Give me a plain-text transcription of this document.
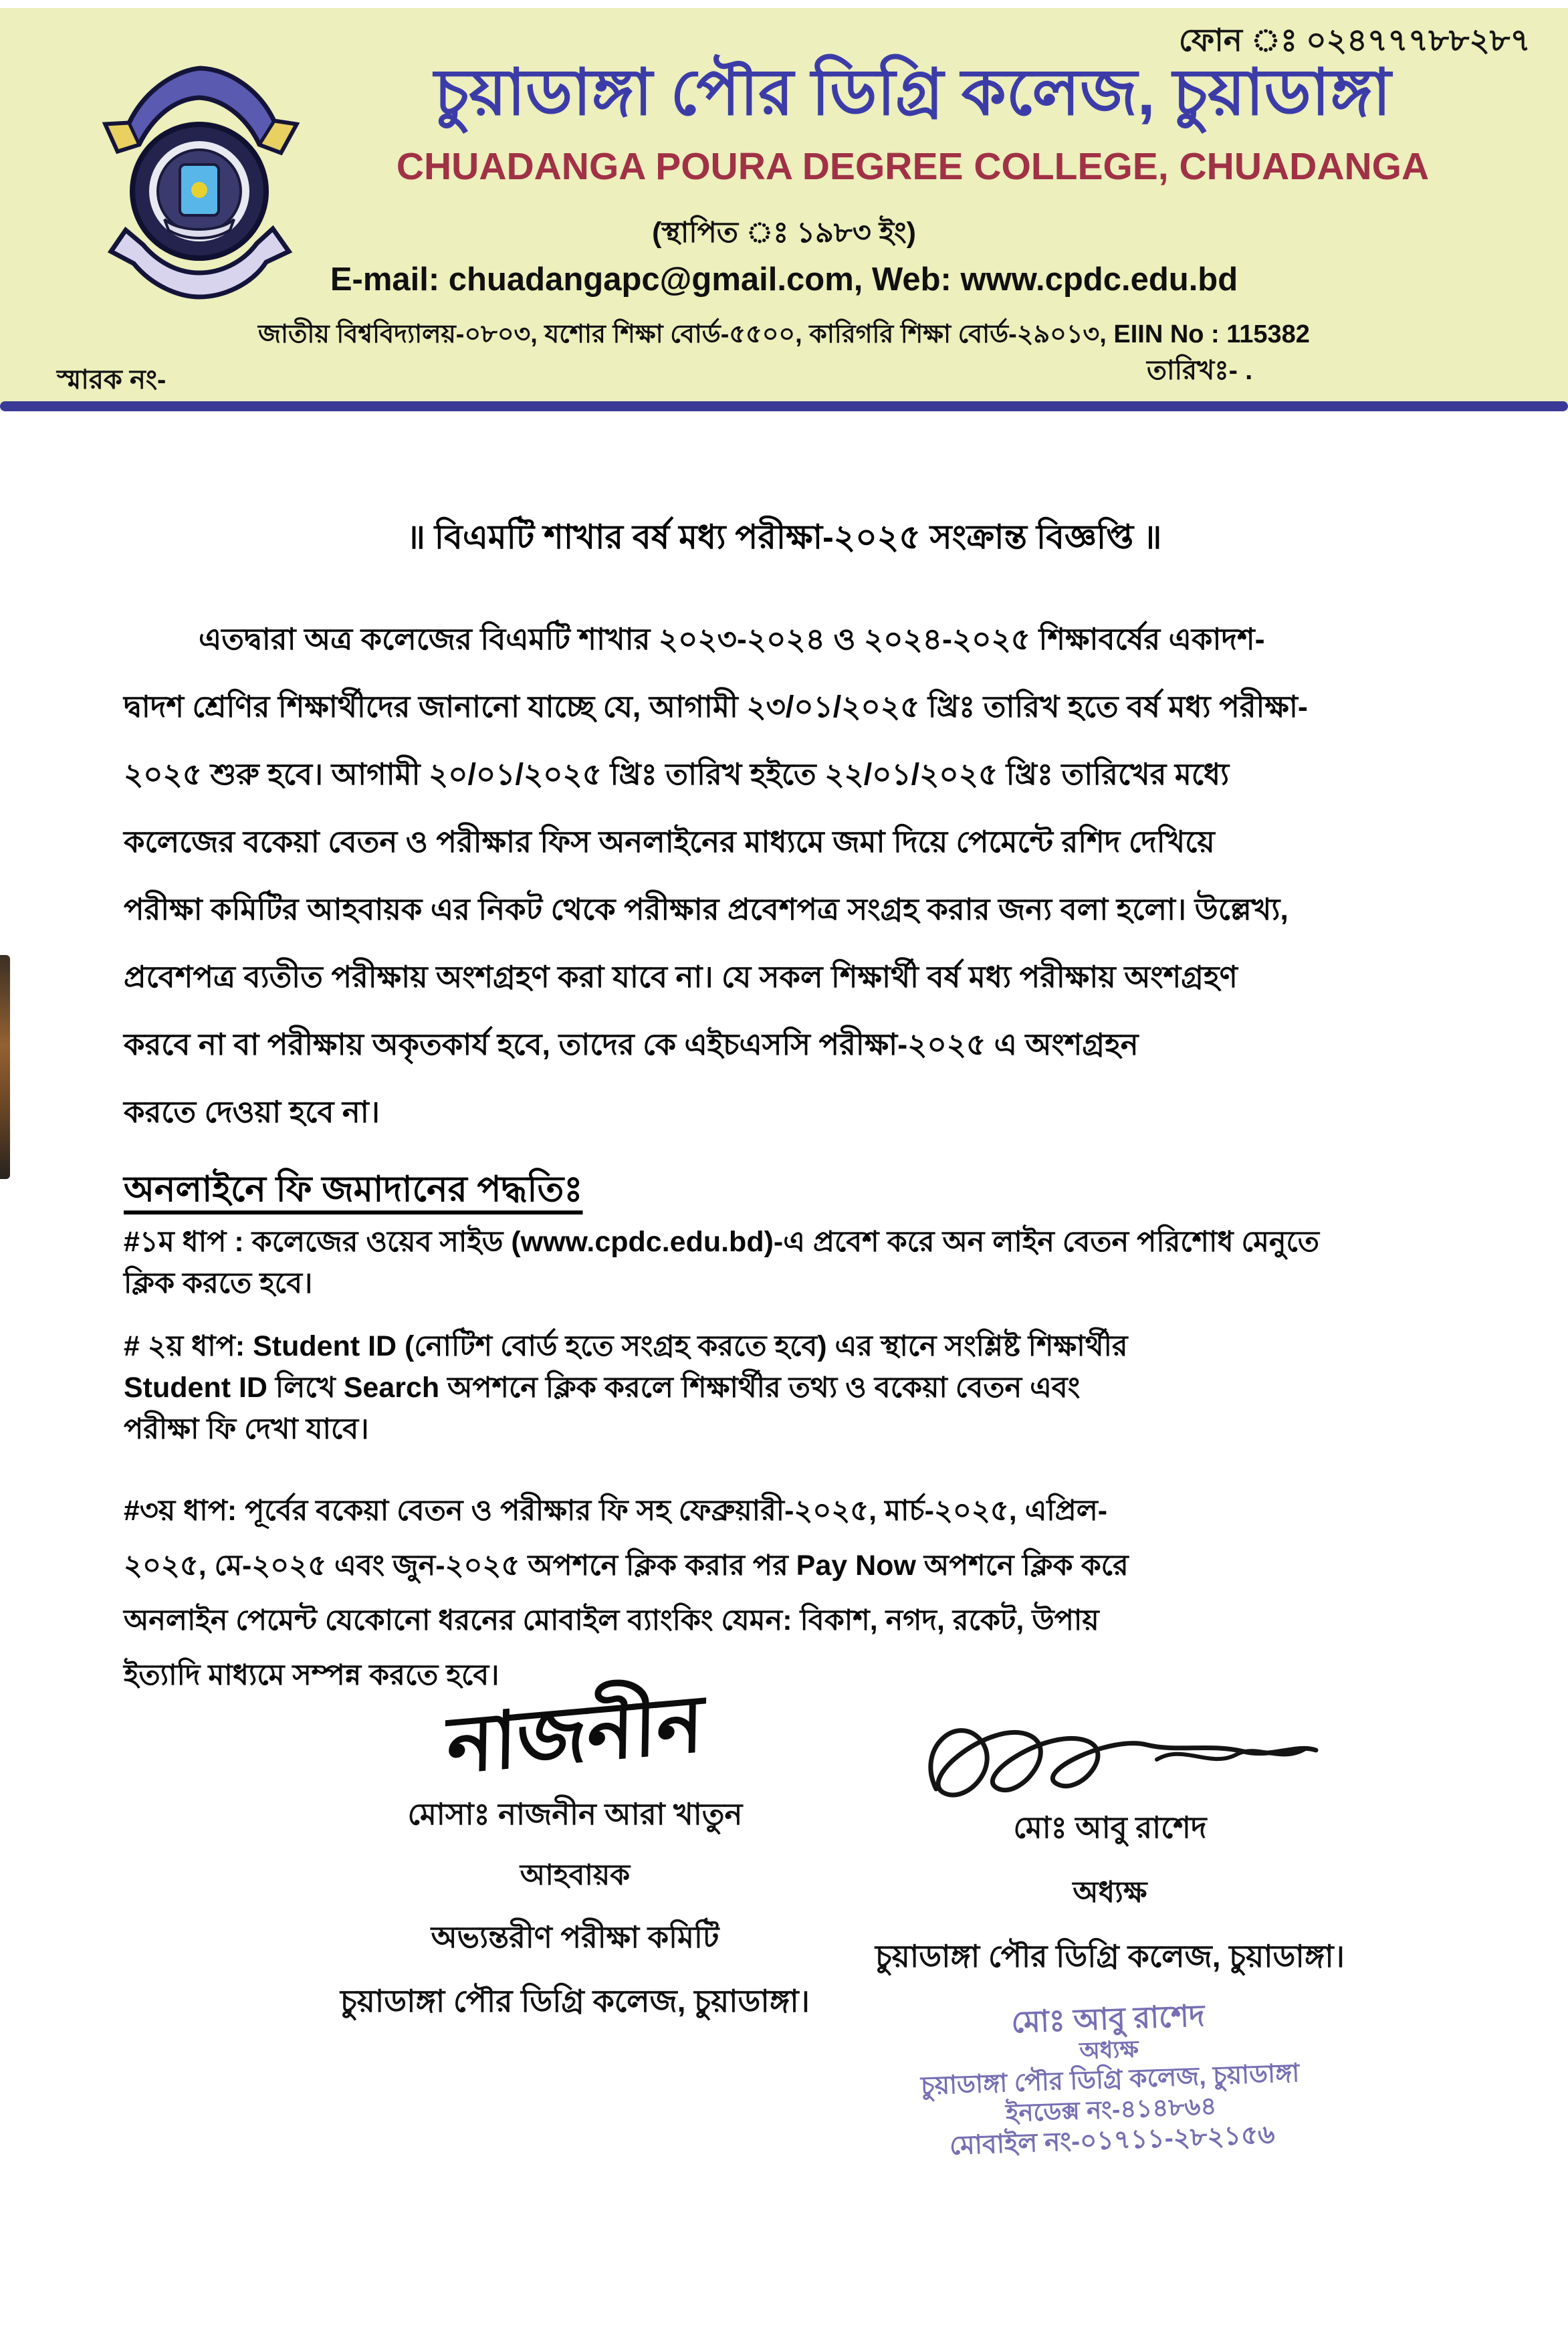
ফোন ঃ ০২৪৭৭৭৮৮২৮৭
চুয়াডাঙ্গা পৌর ডিগ্রি কলেজ, চুয়াডাঙ্গা
CHUADANGA POURA DEGREE COLLEGE, CHUADANGA
(স্থাপিত ঃ ১৯৮৩ ইং)
E-mail: chuadangapc@gmail.com, Web: www.cpdc.edu.bd
জাতীয় বিশ্ববিদ্যালয়-০৮০৩, যশোর শিক্ষা বোর্ড-৫৫০০, কারিগরি শিক্ষা বোর্ড-২৯০১৩, EIIN No : 115382
স্মারক নং-	তারিখঃ- .
॥ বিএমটি শাখার বর্ষ মধ্য পরীক্ষা-২০২৫ সংক্রান্ত বিজ্ঞপ্তি ॥
এতদ্বারা অত্র কলেজের বিএমটি শাখার ২০২৩-২০২৪ ও ২০২৪-২০২৫ শিক্ষাবর্ষের একাদশ-
দ্বাদশ শ্রেণির শিক্ষার্থীদের জানানো যাচ্ছে যে, আগামী ২৩/০১/২০২৫ খ্রিঃ তারিখ হতে বর্ষ মধ্য পরীক্ষা-
২০২৫ শুরু হবে। আগামী ২০/০১/২০২৫ খ্রিঃ তারিখ হইতে ২২/০১/২০২৫ খ্রিঃ তারিখের মধ্যে
কলেজের বকেয়া বেতন ও পরীক্ষার ফিস অনলাইনের মাধ্যমে জমা দিয়ে পেমেন্টে রশিদ দেখিয়ে
পরীক্ষা কমিটির আহবায়ক এর নিকট থেকে পরীক্ষার প্রবেশপত্র সংগ্রহ করার জন্য বলা হলো। উল্লেখ্য,
প্রবেশপত্র ব্যতীত পরীক্ষায় অংশগ্রহণ করা যাবে না। যে সকল শিক্ষার্থী বর্ষ মধ্য পরীক্ষায় অংশগ্রহণ
করবে না বা পরীক্ষায় অকৃতকার্য হবে, তাদের কে এইচএসসি পরীক্ষা-২০২৫ এ অংশগ্রহন
করতে দেওয়া হবে না।
অনলাইনে ফি জমাদানের পদ্ধতিঃ
#১ম ধাপ : কলেজের ওয়েব সাইড (www.cpdc.edu.bd)-এ প্রবেশ করে অন লাইন বেতন পরিশোধ মেনুতে
ক্লিক করতে হবে।
# ২য় ধাপ: Student ID (নোটিশ বোর্ড হতে সংগ্রহ করতে হবে) এর স্থানে সংশ্লিষ্ট শিক্ষার্থীর
Student ID লিখে Search অপশনে ক্লিক করলে শিক্ষার্থীর তথ্য ও বকেয়া বেতন এবং
পরীক্ষা ফি দেখা যাবে।
#৩য় ধাপ: পূর্বের বকেয়া বেতন ও পরীক্ষার ফি সহ ফেব্রুয়ারী-২০২৫, মার্চ-২০২৫, এপ্রিল-
২০২৫, মে-২০২৫ এবং জুন-২০২৫ অপশনে ক্লিক করার পর Pay Now অপশনে ক্লিক করে
অনলাইন পেমেন্ট যেকোনো ধরনের মোবাইল ব্যাংকিং যেমন: বিকাশ, নগদ, রকেট, উপায়
ইত্যাদি মাধ্যমে সম্পন্ন করতে হবে।
নাজনীন
মোসাঃ নাজনীন আরা খাতুন
আহবায়ক
অভ্যন্তরীণ পরীক্ষা কমিটি
চুয়াডাঙ্গা পৌর ডিগ্রি কলেজ, চুয়াডাঙ্গা।
মোঃ আবু রাশেদ
অধ্যক্ষ
চুয়াডাঙ্গা পৌর ডিগ্রি কলেজ, চুয়াডাঙ্গা।
মোঃ আবু রাশেদ
অধ্যক্ষ
চুয়াডাঙ্গা পৌর ডিগ্রি কলেজ, চুয়াডাঙ্গা
ইনডেক্স নং-৪১৪৮৬৪
মোবাইল নং-০১৭১১-২৮২১৫৬
